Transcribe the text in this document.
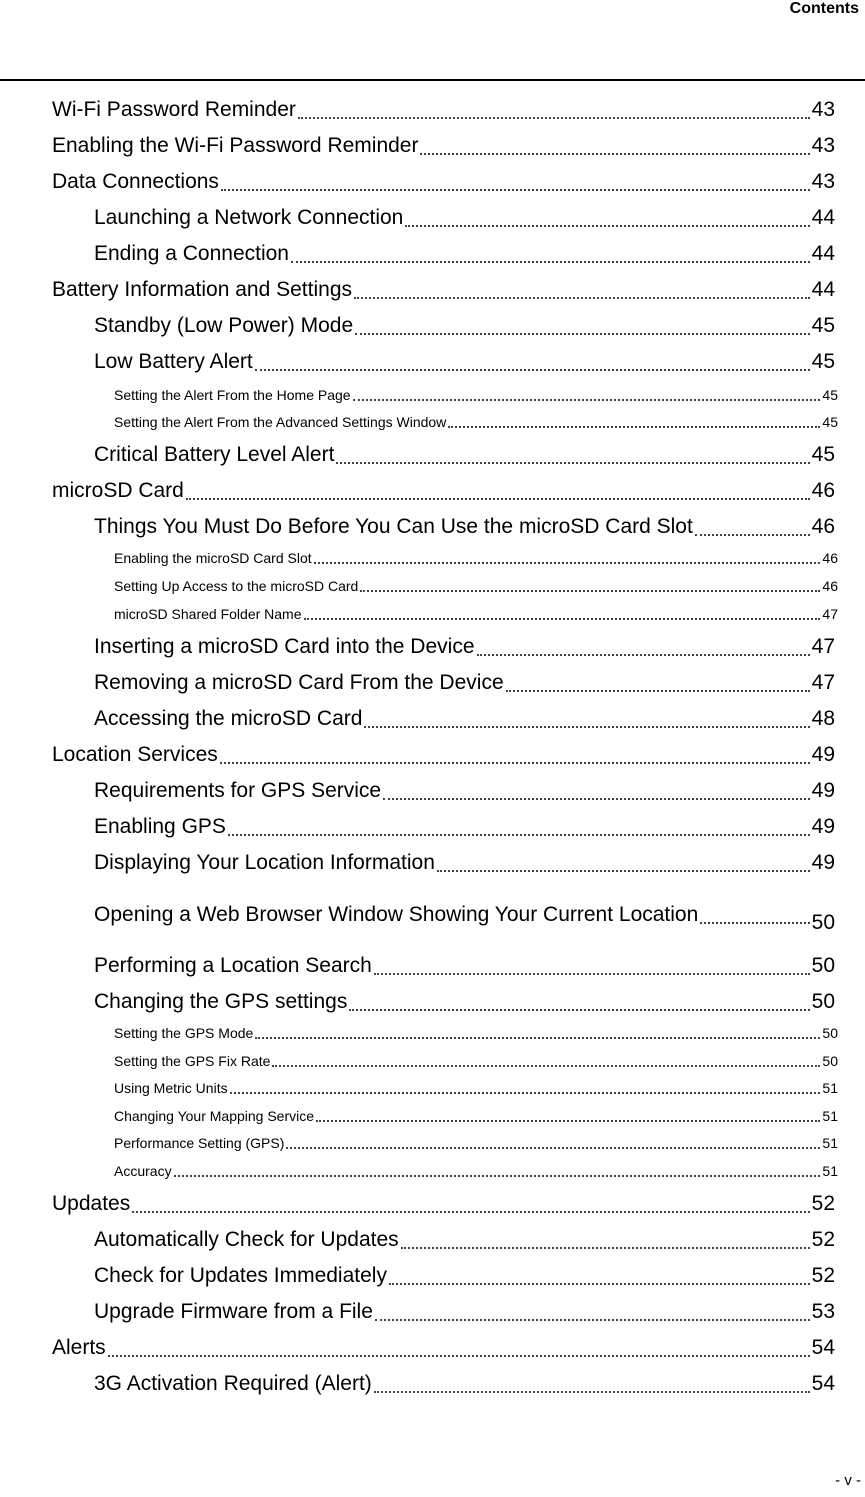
Contents
Wi-Fi Password Reminder	43
Enabling the Wi-Fi Password Reminder	43
Data Connections	43
Launching a Network Connection	44
Ending a Connection	44
Battery Information and Settings	44
Standby (Low Power) Mode	45
Low Battery Alert	45
Setting the Alert From the Home Page	45
Setting the Alert From the Advanced Settings Window	45
Critical Battery Level Alert	45
microSD Card	46
Things You Must Do Before You Can Use the microSD Card Slot	46
Enabling the microSD Card Slot	46
Setting Up Access to the microSD Card	46
microSD Shared Folder Name	47
Inserting a microSD Card into the Device	47
Removing a microSD Card From the Device	47
Accessing the microSD Card	48
Location Services	49
Requirements for GPS Service	49
Enabling GPS	49
Displaying Your Location Information	49
Opening a Web Browser Window Showing Your Current Location	50
Performing a Location Search	50
Changing the GPS settings	50
Setting the GPS Mode	50
Setting the GPS Fix Rate	50
Using Metric Units	51
Changing Your Mapping Service	51
Performance Setting (GPS)	51
Accuracy	51
Updates	52
Automatically Check for Updates	52
Check for Updates Immediately	52
Upgrade Firmware from a File	53
Alerts	54
3G Activation Required (Alert)	54
- v -
